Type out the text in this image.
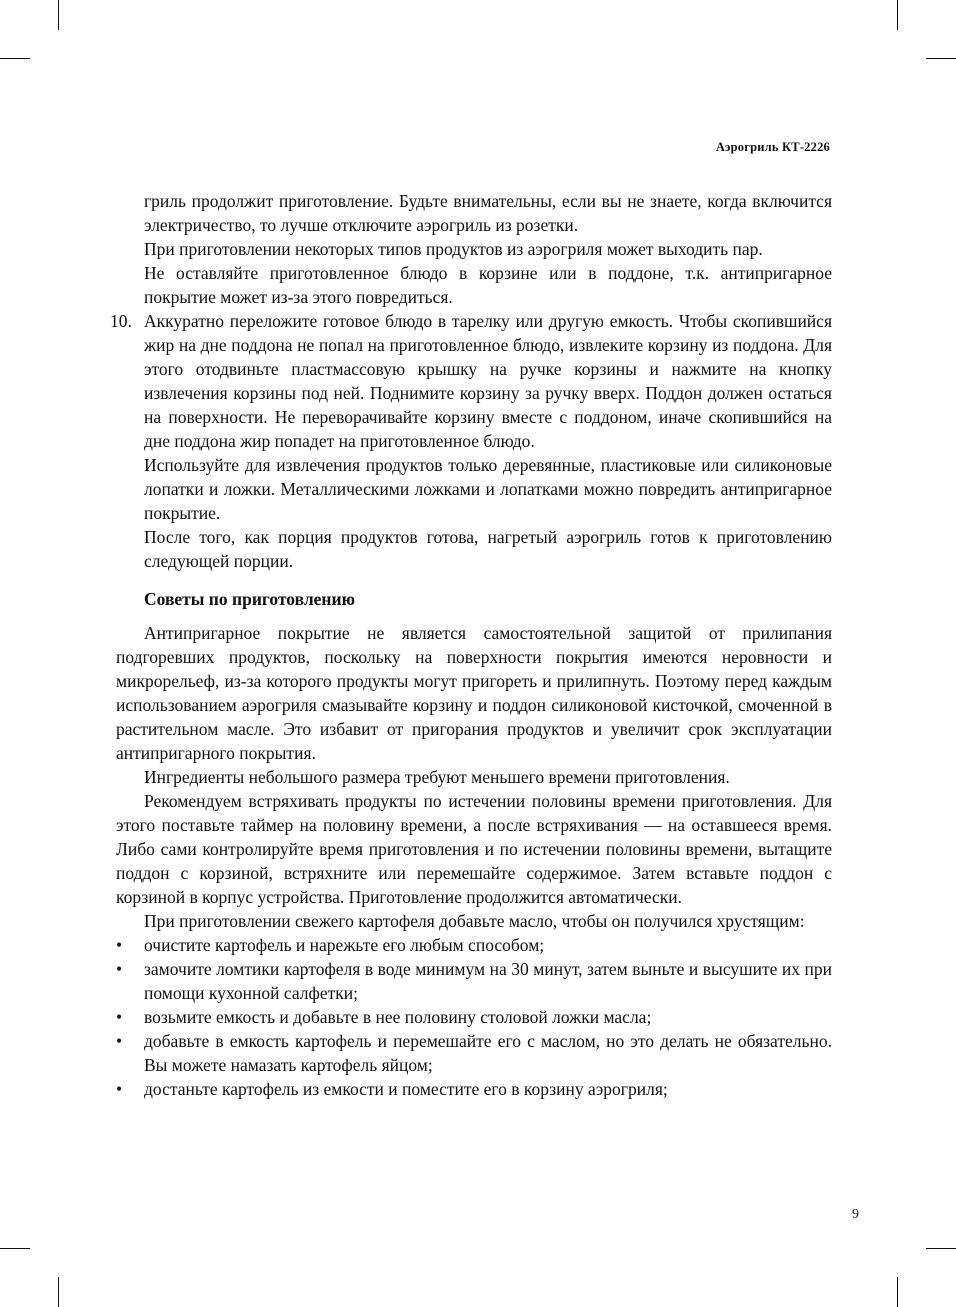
Аэрогриль КТ-2226

гриль продолжит приготовление. Будьте внимательны, если вы не знаете, когда включится электричество, то лучше отключите аэрогриль из розетки.

При приготовлении некоторых типов продуктов из аэрогриля может выходить пар.

Не оставляйте приготовленное блюдо в корзине или в поддоне, т.к. антипригарное покрытие может из-за этого повредиться.

10. Аккуратно переложите готовое блюдо в тарелку или другую емкость. Чтобы скопившийся жир на дне поддона не попал на приготовленное блюдо, извлеките корзину из поддона. Для этого отодвиньте пластмассовую крышку на ручке корзины и нажмите на кнопку извлечения корзины под ней. Поднимите корзину за ручку вверх. Поддон должен остаться на поверхности. Не переворачивайте корзину вместе с поддоном, иначе скопившийся на дне поддона жир попадет на приготовленное блюдо.

Используйте для извлечения продуктов только деревянные, пластиковые или силиконовые лопатки и ложки. Металлическими ложками и лопатками можно повредить антипригарное покрытие.

После того, как порция продуктов готова, нагретый аэрогриль готов к приготовлению следующей порции.

Советы по приготовлению

Антипригарное покрытие не является самостоятельной защитой от прилипания подгоревших продуктов, поскольку на поверхности покрытия имеются неровности и микрорельеф, из-за которого продукты могут пригореть и прилипнуть. Поэтому перед каждым использованием аэрогриля смазывайте корзину и поддон силиконовой кисточкой, смоченной в растительном масле. Это избавит от пригорания продуктов и увеличит срок эксплуатации антипригарного покрытия.

Ингредиенты небольшого размера требуют меньшего времени приготовления.

Рекомендуем встряхивать продукты по истечении половины времени приготовления. Для этого поставьте таймер на половину времени, а после встряхивания — на оставшееся время. Либо сами контролируйте время приготовления и по истечении половины времени, вытащите поддон с корзиной, встряхните или перемешайте содержимое. Затем вставьте поддон с корзиной в корпус устройства. Приготовление продолжится автоматически.

При приготовлении свежего картофеля добавьте масло, чтобы он получился хрустящим:

• очистите картофель и нарежьте его любым способом;
• замочите ломтики картофеля в воде минимум на 30 минут, затем выньте и высушите их при помощи кухонной салфетки;
• возьмите емкость и добавьте в нее половину столовой ложки масла;
• добавьте в емкость картофель и перемешайте его с маслом, но это делать не обязательно. Вы можете намазать картофель яйцом;
• достаньте картофель из емкости и поместите его в корзину аэрогриля;
9
